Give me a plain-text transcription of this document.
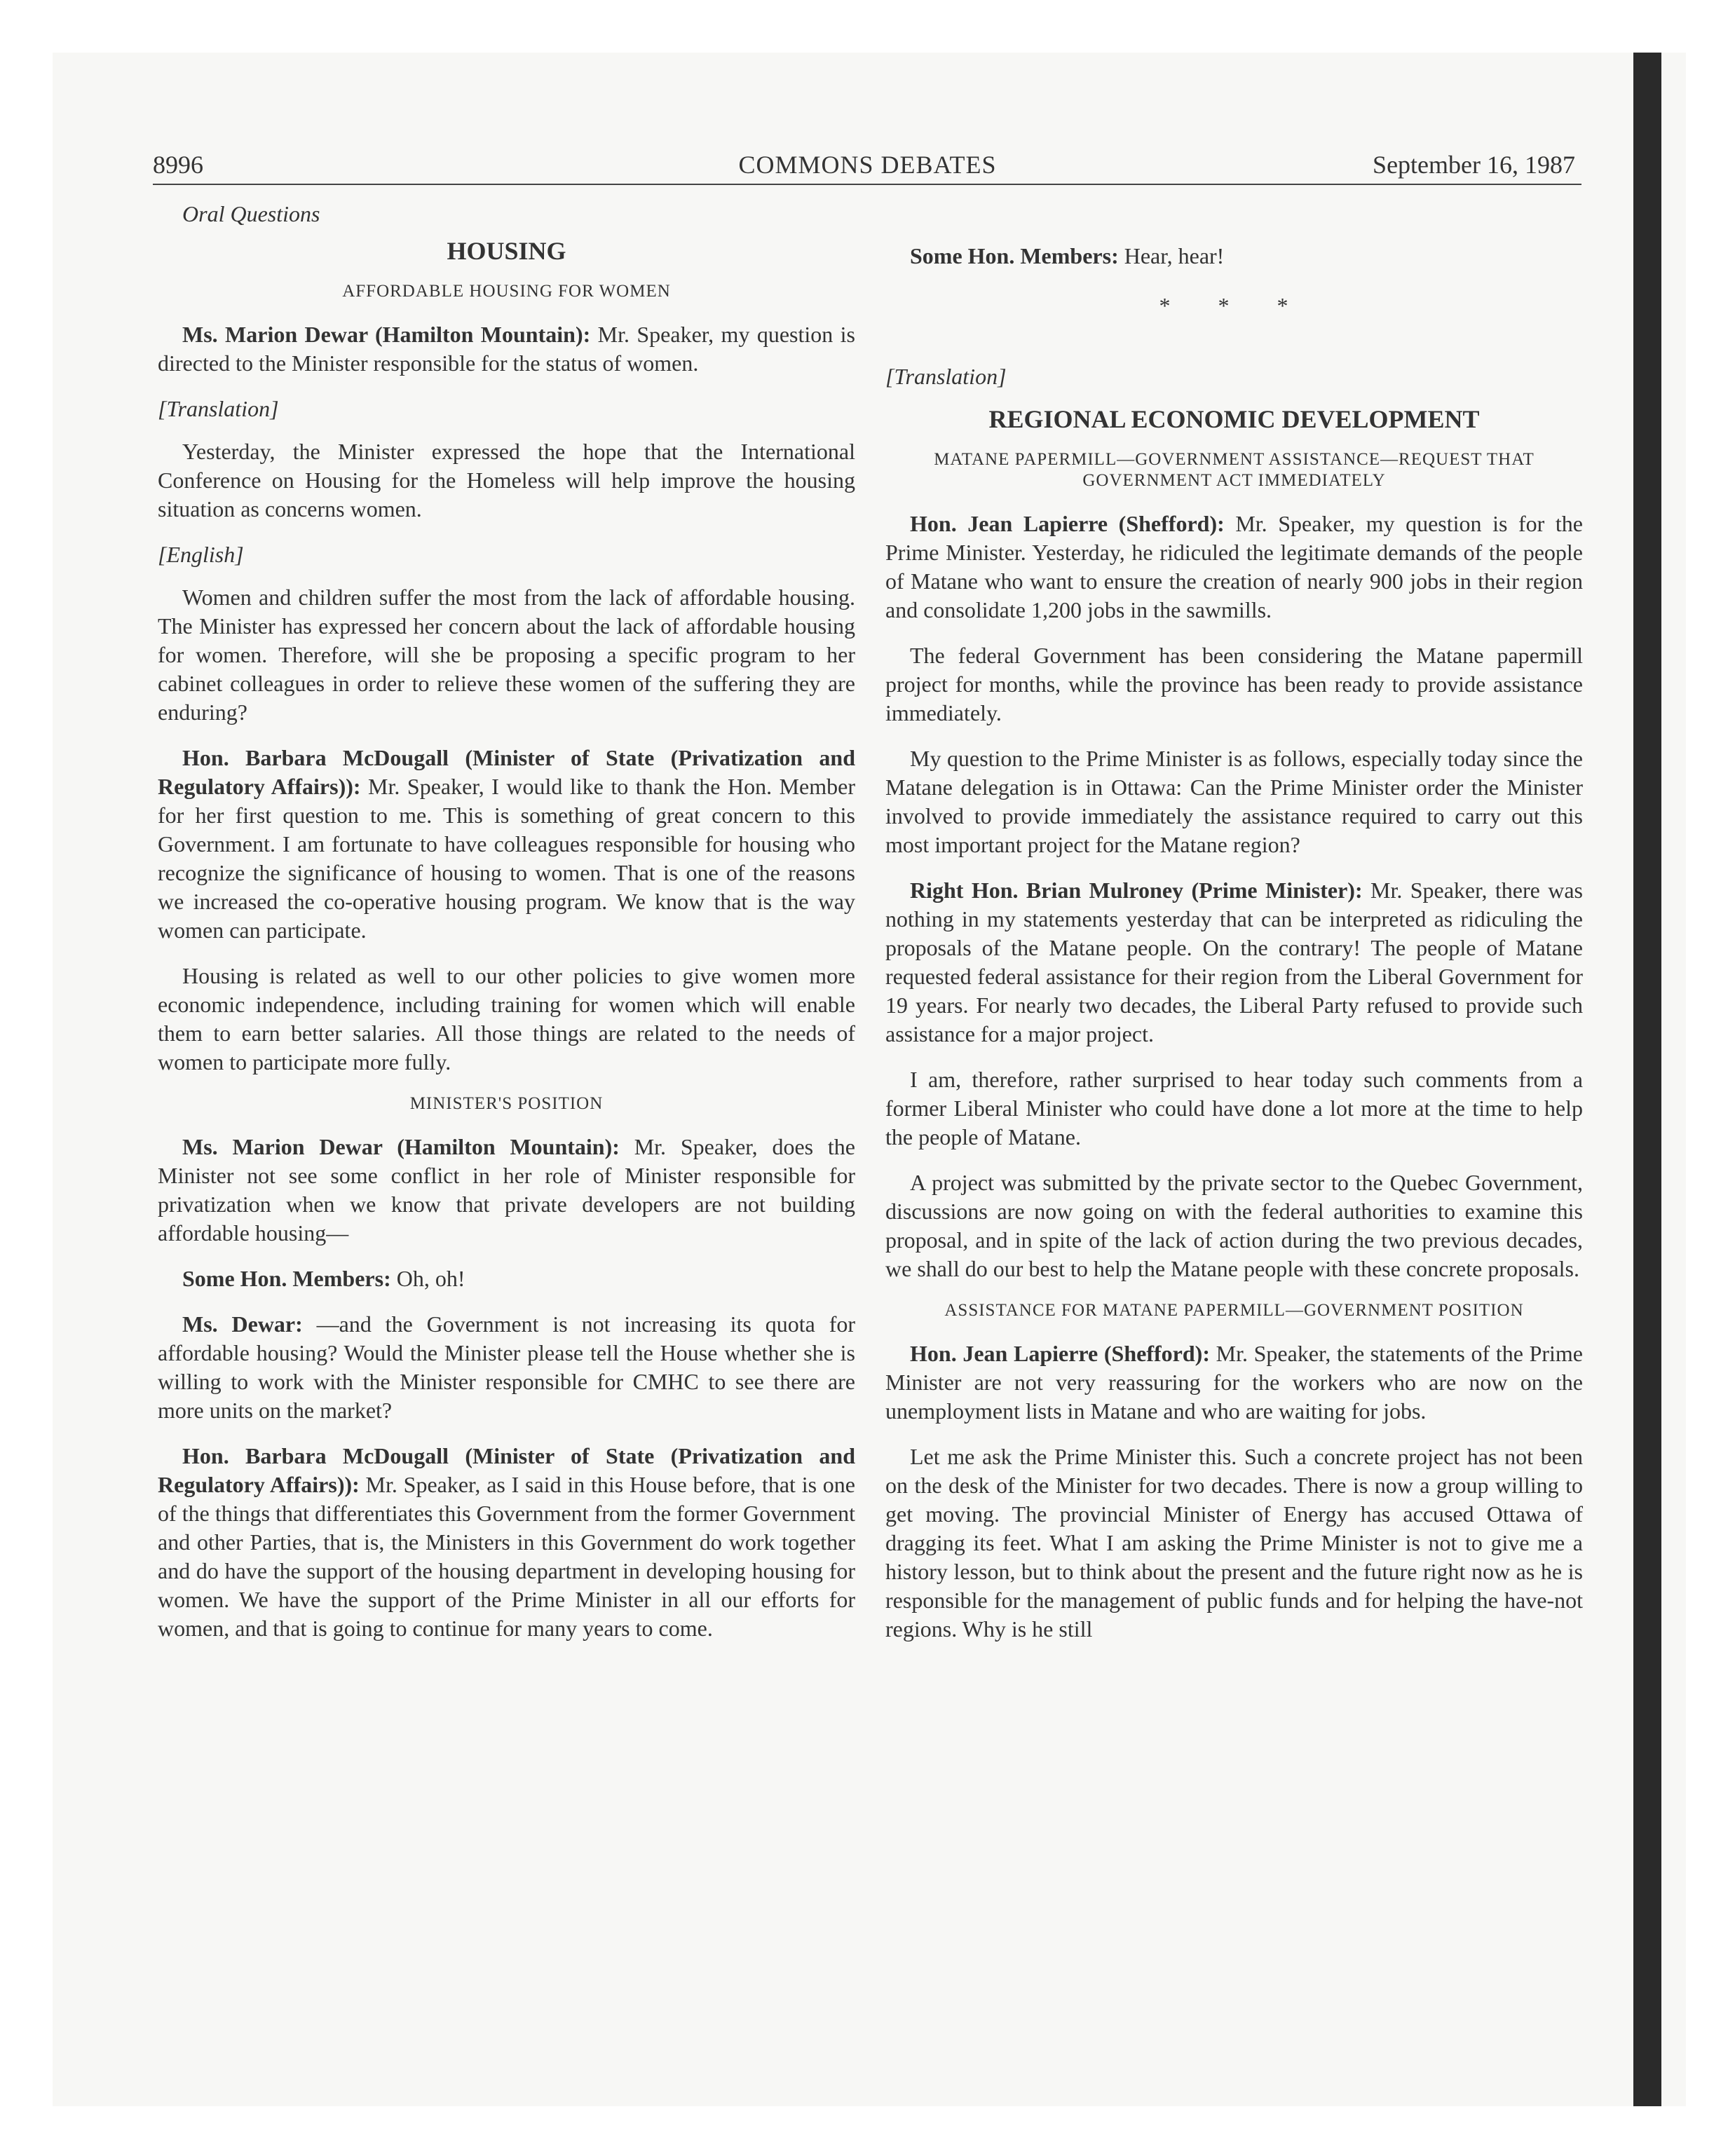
8996	COMMONS DEBATES	September 16, 1987

Oral Questions

HOUSING
AFFORDABLE HOUSING FOR WOMEN

Ms. Marion Dewar (Hamilton Mountain): Mr. Speaker, my question is directed to the Minister responsible for the status of women.

[Translation]

Yesterday, the Minister expressed the hope that the International Conference on Housing for the Homeless will help improve the housing situation as concerns women.

[English]

Women and children suffer the most from the lack of affordable housing. The Minister has expressed her concern about the lack of affordable housing for women. Therefore, will she be proposing a specific program to her cabinet colleagues in order to relieve these women of the suffering they are enduring?

Hon. Barbara McDougall (Minister of State (Privatization and Regulatory Affairs)): Mr. Speaker, I would like to thank the Hon. Member for her first question to me. This is something of great concern to this Government. I am fortunate to have colleagues responsible for housing who recognize the significance of housing to women. That is one of the reasons we increased the co-operative housing program. We know that is the way women can participate.

Housing is related as well to our other policies to give women more economic independence, including training for women which will enable them to earn better salaries. All those things are related to the needs of women to participate more fully.

MINISTER'S POSITION

Ms. Marion Dewar (Hamilton Mountain): Mr. Speaker, does the Minister not see some conflict in her role of Minister responsible for privatization when we know that private developers are not building affordable housing—

Some Hon. Members: Oh, oh!

Ms. Dewar: —and the Government is not increasing its quota for affordable housing? Would the Minister please tell the House whether she is willing to work with the Minister responsible for CMHC to see there are more units on the market?

Hon. Barbara McDougall (Minister of State (Privatization and Regulatory Affairs)): Mr. Speaker, as I said in this House before, that is one of the things that differentiates this Government from the former Government and other Parties, that is, the Ministers in this Government do work together and do have the support of the housing department in developing housing for women. We have the support of the Prime Minister in all our efforts for women, and that is going to continue for many years to come.

Some Hon. Members: Hear, hear!

* * *
[Translation]
REGIONAL ECONOMIC DEVELOPMENT
MATANE PAPERMILL—GOVERNMENT ASSISTANCE—REQUEST THAT GOVERNMENT ACT IMMEDIATELY

Hon. Jean Lapierre (Shefford): Mr. Speaker, my question is for the Prime Minister. Yesterday, he ridiculed the legitimate demands of the people of Matane who want to ensure the creation of nearly 900 jobs in their region and consolidate 1,200 jobs in the sawmills.

The federal Government has been considering the Matane papermill project for months, while the province has been ready to provide assistance immediately.

My question to the Prime Minister is as follows, especially today since the Matane delegation is in Ottawa: Can the Prime Minister order the Minister involved to provide immediately the assistance required to carry out this most important project for the Matane region?

Right Hon. Brian Mulroney (Prime Minister): Mr. Speaker, there was nothing in my statements yesterday that can be interpreted as ridiculing the proposals of the Matane people. On the contrary! The people of Matane requested federal assistance for their region from the Liberal Government for 19 years. For nearly two decades, the Liberal Party refused to provide such assistance for a major project.

I am, therefore, rather surprised to hear today such comments from a former Liberal Minister who could have done a lot more at the time to help the people of Matane.

A project was submitted by the private sector to the Quebec Government, discussions are now going on with the federal authorities to examine this proposal, and in spite of the lack of action during the two previous decades, we shall do our best to help the Matane people with these concrete proposals.

ASSISTANCE FOR MATANE PAPERMILL—GOVERNMENT POSITION

Hon. Jean Lapierre (Shefford): Mr. Speaker, the statements of the Prime Minister are not very reassuring for the workers who are now on the unemployment lists in Matane and who are waiting for jobs.

Let me ask the Prime Minister this. Such a concrete project has not been on the desk of the Minister for two decades. There is now a group willing to get moving. The provincial Minister of Energy has accused Ottawa of dragging its feet. What I am asking the Prime Minister is not to give me a history lesson, but to think about the present and the future right now as he is responsible for the management of public funds and for helping the have-not regions. Why is he still
